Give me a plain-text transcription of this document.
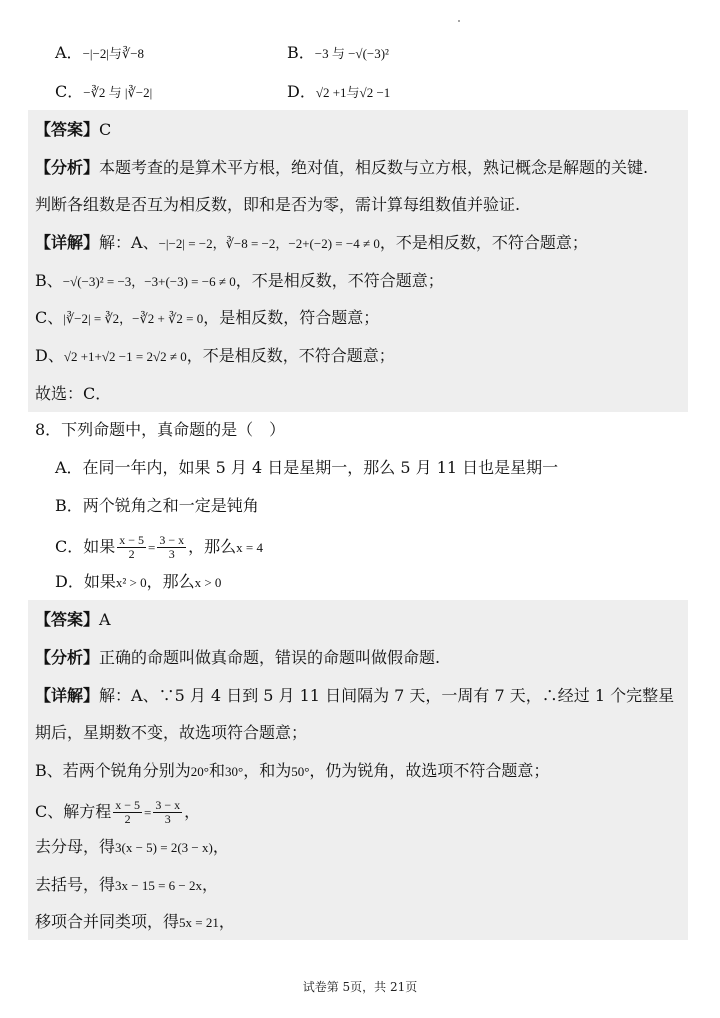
A．−|−2|与∛−8	B．−3 与 −√(−3)²
C．−∛2 与 |∛−2|	D．√2 +1与√2 −1
【答案】C
【分析】本题考查的是算术平方根，绝对值，相反数与立方根，熟记概念是解题的关键.
判断各组数是否互为相反数，即和是否为零，需计算每组数值并验证.
【详解】解：A、−|−2| = −2，∛−8 = −2，−2+(−2) = −4 ≠ 0，不是相反数，不符合题意；
B、−√(−3)² = −3，−3+(−3) = −6 ≠ 0，不是相反数，不符合题意；
C、|∛−2| = ∛2，−∛2 + ∛2 = 0，是相反数，符合题意；
D、√2 +1+√2 −1 = 2√2 ≠ 0，不是相反数，不符合题意；
故选：C．
8．下列命题中，真命题的是（　）
A．在同一年内，如果 5 月 4 日是星期一，那么 5 月 11 日也是星期一
B．两个锐角之和一定是钝角
C．如果 $\frac{x - 5}{2} = \frac{3 - x}{3}$ ，那么x = 4
D．如果x² > 0，那么x > 0
【答案】A
【分析】正确的命题叫做真命题，错误的命题叫做假命题.
【详解】解：A、∵5 月 4 日到 5 月 11 日间隔为 7 天，一周有 7 天，∴经过 1 个完整星
期后，星期数不变，故选项符合题意；
B、若两个锐角分别为20°和30°，和为50°，仍为锐角，故选项不符合题意；
C、解方程 $\frac{x - 5}{2} = \frac{3 - x}{3}$ ，
去分母，得3(x − 5) = 2(3 − x)，
去括号，得3x − 15 = 6 − 2x，
移项合并同类项，得5x = 21，
试卷第 5页，共 21页
